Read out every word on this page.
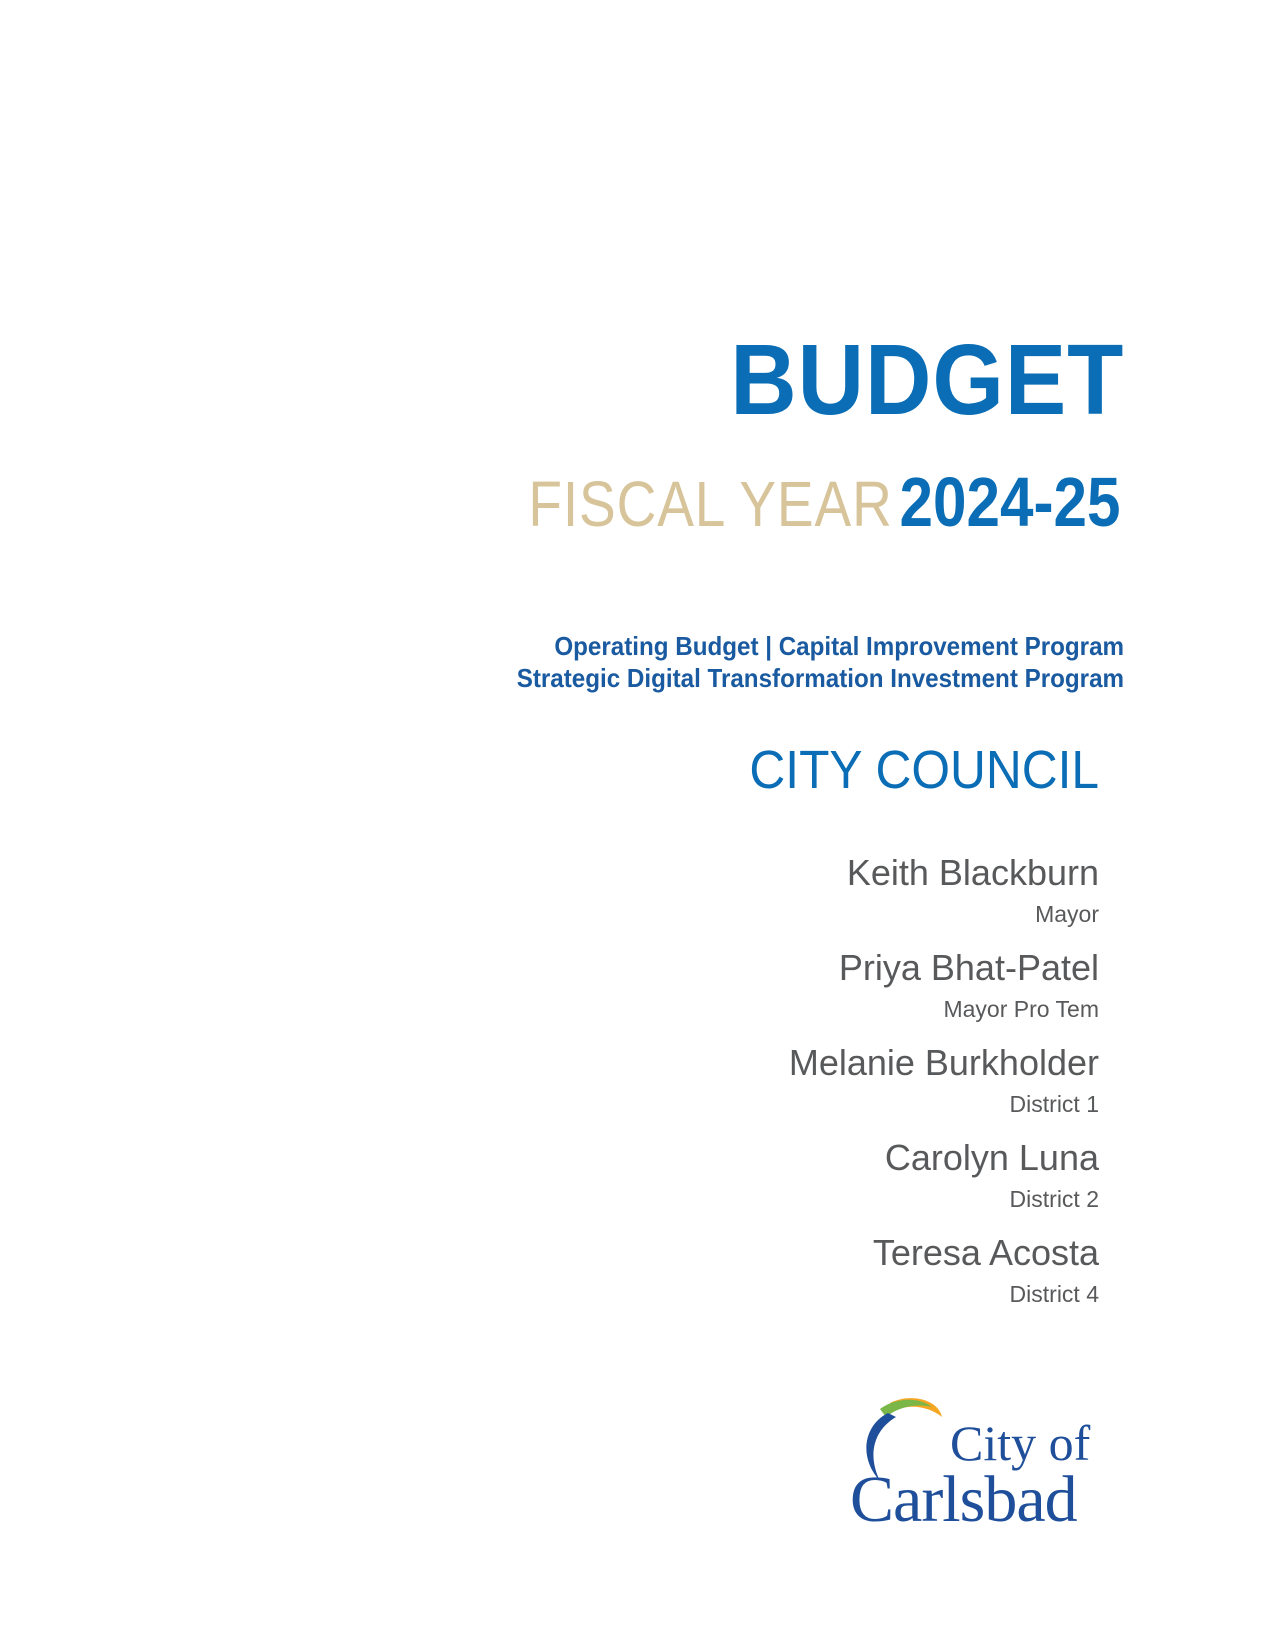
BUDGET
FISCAL YEAR2024-25
Operating Budget | Capital Improvement Program
Strategic Digital Transformation Investment Program
CITY COUNCIL
Keith Blackburn
Mayor
Priya Bhat-Patel
Mayor Pro Tem
Melanie Burkholder
District 1
Carolyn Luna
District 2
Teresa Acosta
District 4
City of
Carlsbad
